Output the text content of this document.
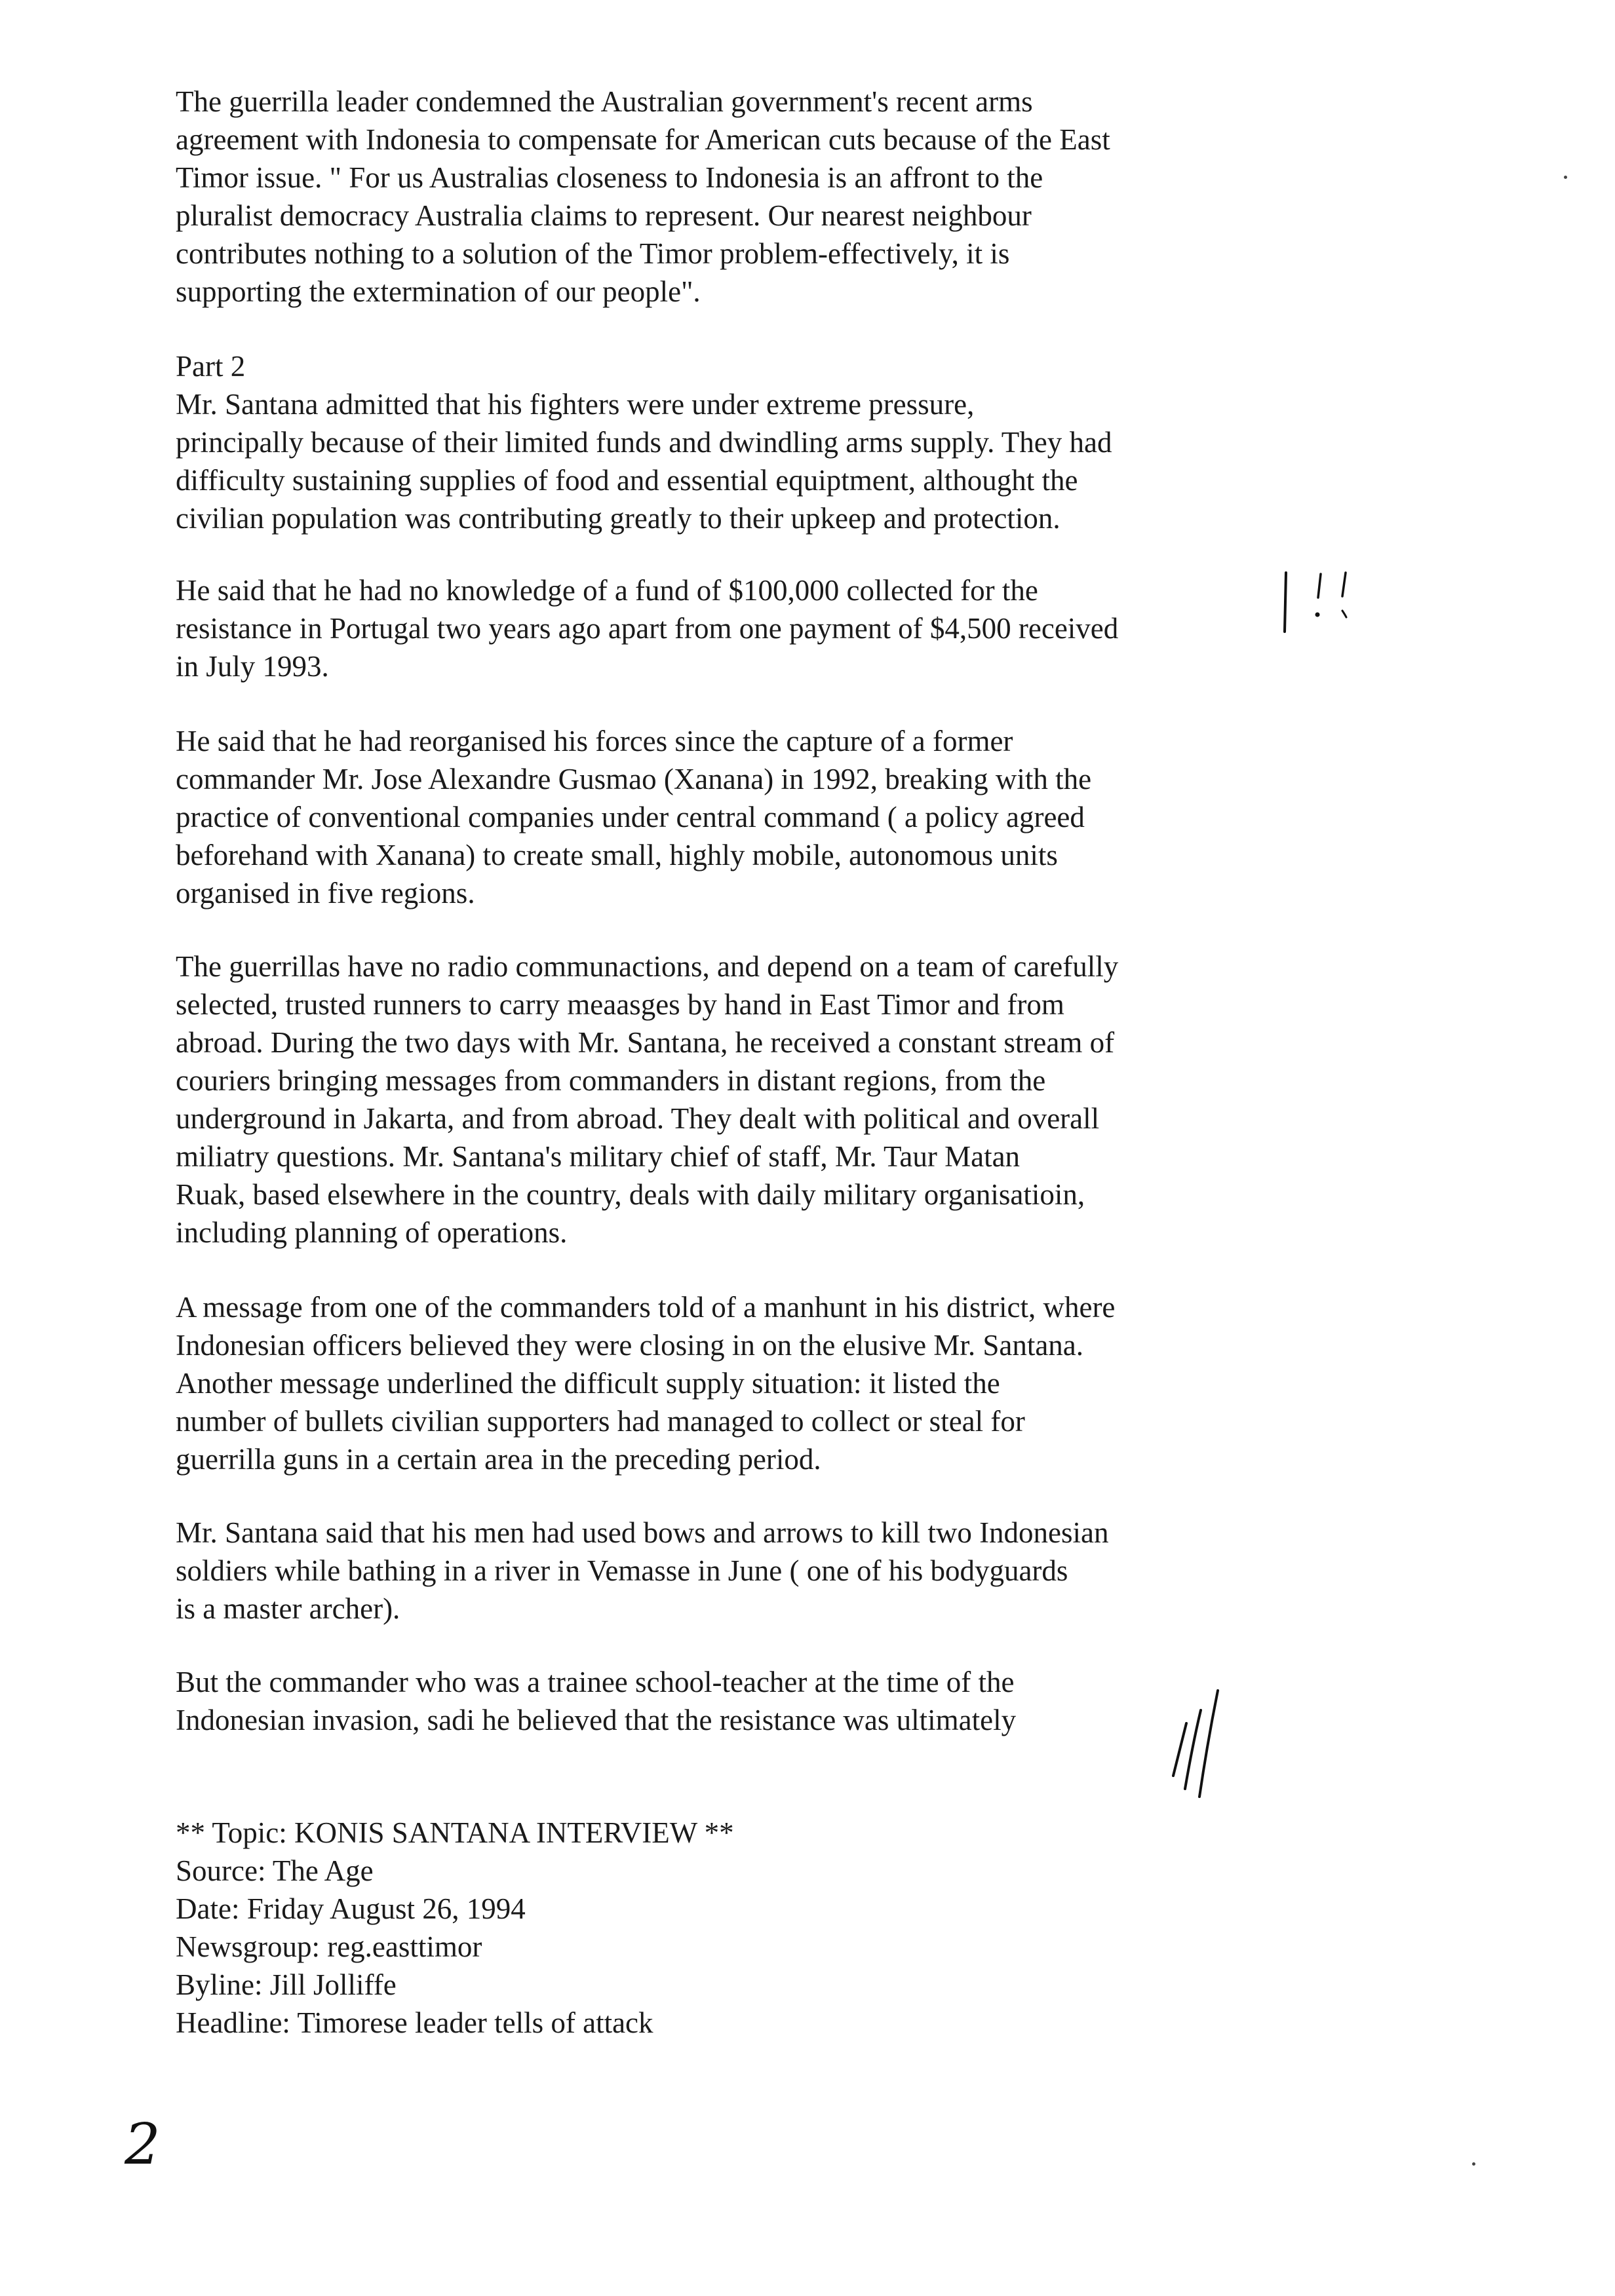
The guerrilla leader condemned the Australian government's recent arms
agreement with Indonesia to compensate for American cuts because of the East
Timor issue. " For us Australias closeness to Indonesia is an affront to the
pluralist democracy Australia claims to represent. Our nearest neighbour
contributes nothing to a solution of the Timor problem-effectively, it is
supporting the extermination of our people".
Part 2
Mr. Santana admitted that his fighters were under extreme pressure,
principally because of their limited funds and dwindling arms supply. They had
difficulty sustaining supplies of food and essential equiptment, althought the
civilian population was contributing greatly to their upkeep and protection.
He said that he had no knowledge of a fund of $100,000 collected for the
resistance in Portugal two years ago apart from one payment of $4,500 received
in July 1993.
He said that he had reorganised his forces since the capture of a former
commander Mr. Jose Alexandre Gusmao (Xanana) in 1992, breaking with the
practice of conventional companies under central command ( a policy agreed
beforehand with Xanana) to create small, highly mobile, autonomous units
organised in five regions.
The guerrillas have no radio communactions, and depend on a team of carefully
selected, trusted runners to carry meaasges by hand in East Timor and from
abroad. During the two days with Mr. Santana, he received a constant stream of
couriers bringing messages from commanders in distant regions, from the
underground in Jakarta, and from abroad. They dealt with political and overall
miliatry questions. Mr. Santana's military chief of staff, Mr. Taur Matan
Ruak, based elsewhere in the country, deals with daily military organisatioin,
including planning of operations.
A message from one of the commanders told of a manhunt in his district, where
Indonesian officers believed they were closing in on the elusive Mr. Santana.
Another message underlined the difficult supply situation: it listed the
number of bullets civilian supporters had managed to collect or steal for
guerrilla guns in a certain area in the preceding period.
Mr. Santana said that his men had used bows and arrows to kill two Indonesian
soldiers while bathing in a river in Vemasse in June ( one of his bodyguards
is a master archer).
But the commander who was a trainee school-teacher at the time of the
Indonesian invasion, sadi he believed that the resistance was ultimately
** Topic: KONIS SANTANA INTERVIEW **
Source: The Age
Date: Friday August 26, 1994
Newsgroup: reg.easttimor
Byline: Jill Jolliffe
Headline: Timorese leader tells of attack
2
